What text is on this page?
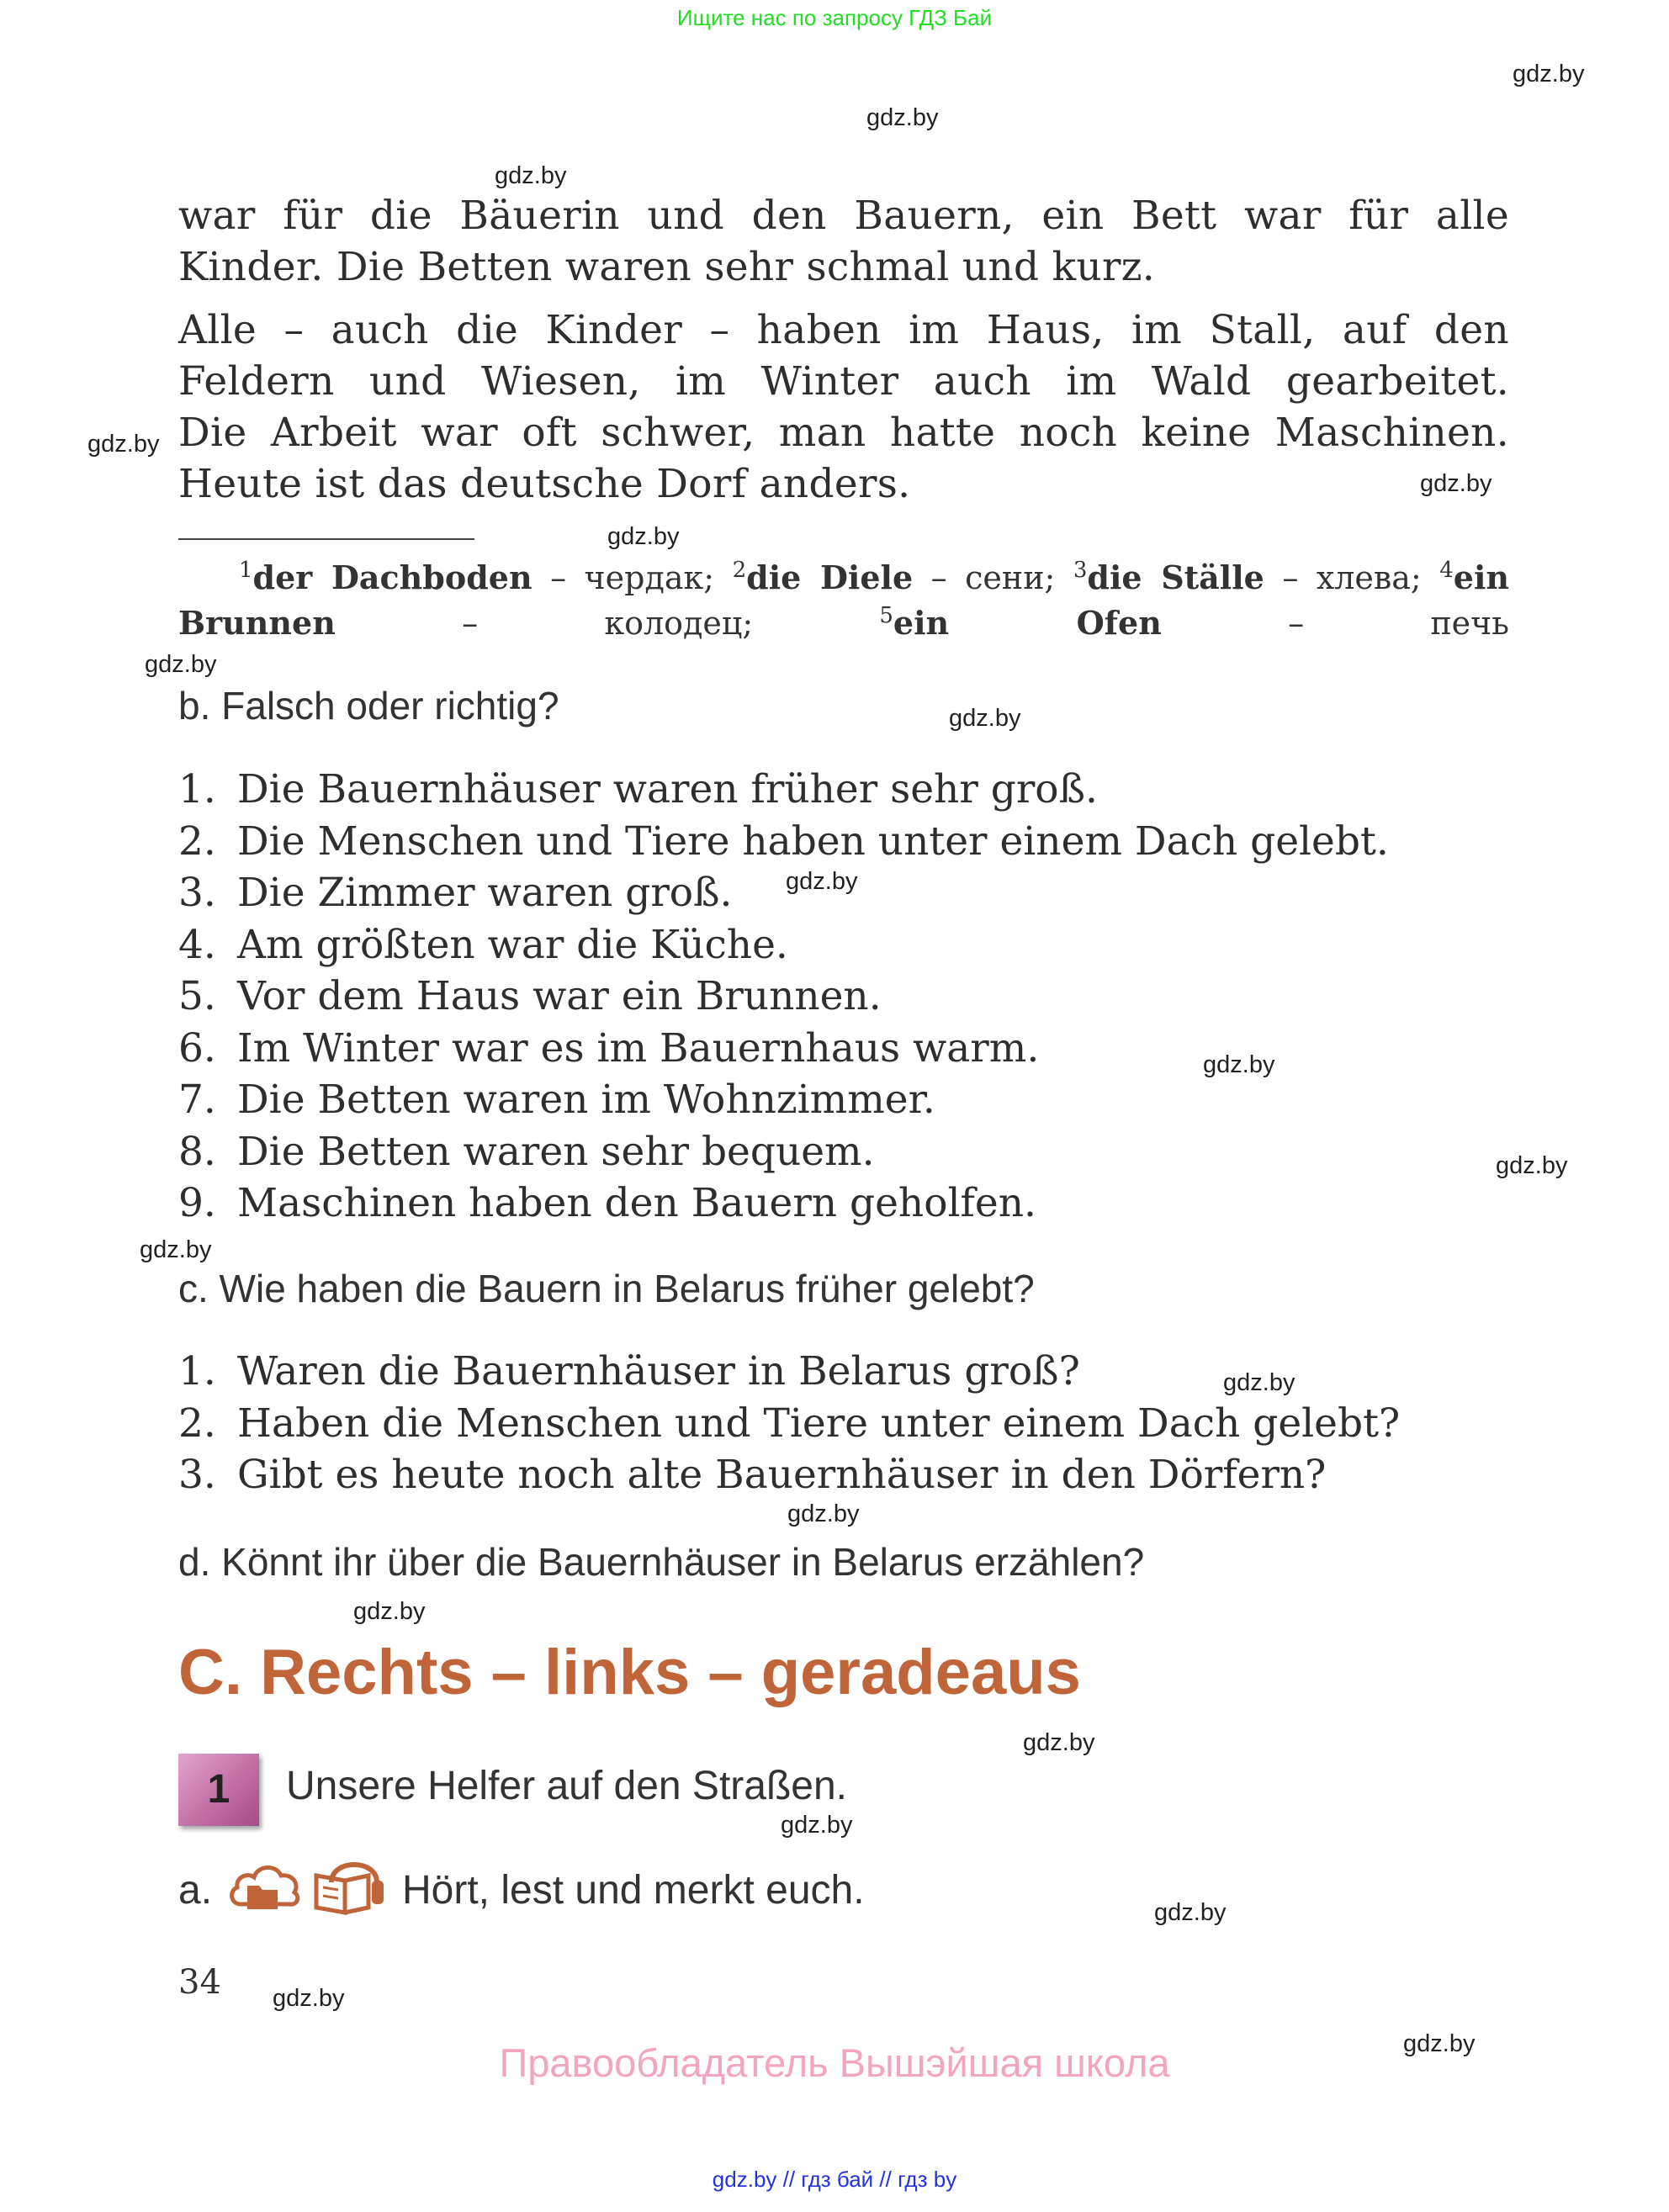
Ищите нас по запросу ГДЗ Бай
gdz.by
gdz.by
gdz.by
gdz.by
gdz.by
gdz.by
gdz.by
gdz.by
gdz.by
gdz.by
gdz.by
gdz.by
gdz.by
gdz.by
gdz.by
gdz.by
gdz.by
gdz.by
gdz.by
gdz.by
war für die Bäuerin und den Bauern, ein Bett war für alle
Kinder. Die Betten waren sehr schmal und kurz.
Alle – auch die Kinder – haben im Haus, im Stall, auf den
Feldern und Wiesen, im Winter auch im Wald gearbeitet.
Die Arbeit war oft schwer, man hatte noch keine Maschinen.
Heute ist das deutsche Dorf anders.
$^1$der Dachboden – чердак; $^2$die Diele – сени; $^3$die Ställe – хлева; $^4$ein Brunnen – колодец; $^5$ein Ofen – печь
b. Falsch oder richtig?
1. Die Bauernhäuser waren früher sehr groß.
2. Die Menschen und Tiere haben unter einem Dach gelebt.
3. Die Zimmer waren groß.
4. Am größten war die Küche.
5. Vor dem Haus war ein Brunnen.
6. Im Winter war es im Bauernhaus warm.
7. Die Betten waren im Wohnzimmer.
8. Die Betten waren sehr bequem.
9. Maschinen haben den Bauern geholfen.
c. Wie haben die Bauern in Belarus früher gelebt?
1. Waren die Bauernhäuser in Belarus groß?
2. Haben die Menschen und Tiere unter einem Dach gelebt?
3. Gibt es heute noch alte Bauernhäuser in den Dörfern?
d. Könnt ihr über die Bauernhäuser in Belarus erzählen?
C. Rechts – links – geradeaus
1	Unsere Helfer auf den Straßen.
a.	Hört, lest und merkt euch.
34
Правообладатель Вышэйшая школа
gdz.by // гдз бай // гдз by
